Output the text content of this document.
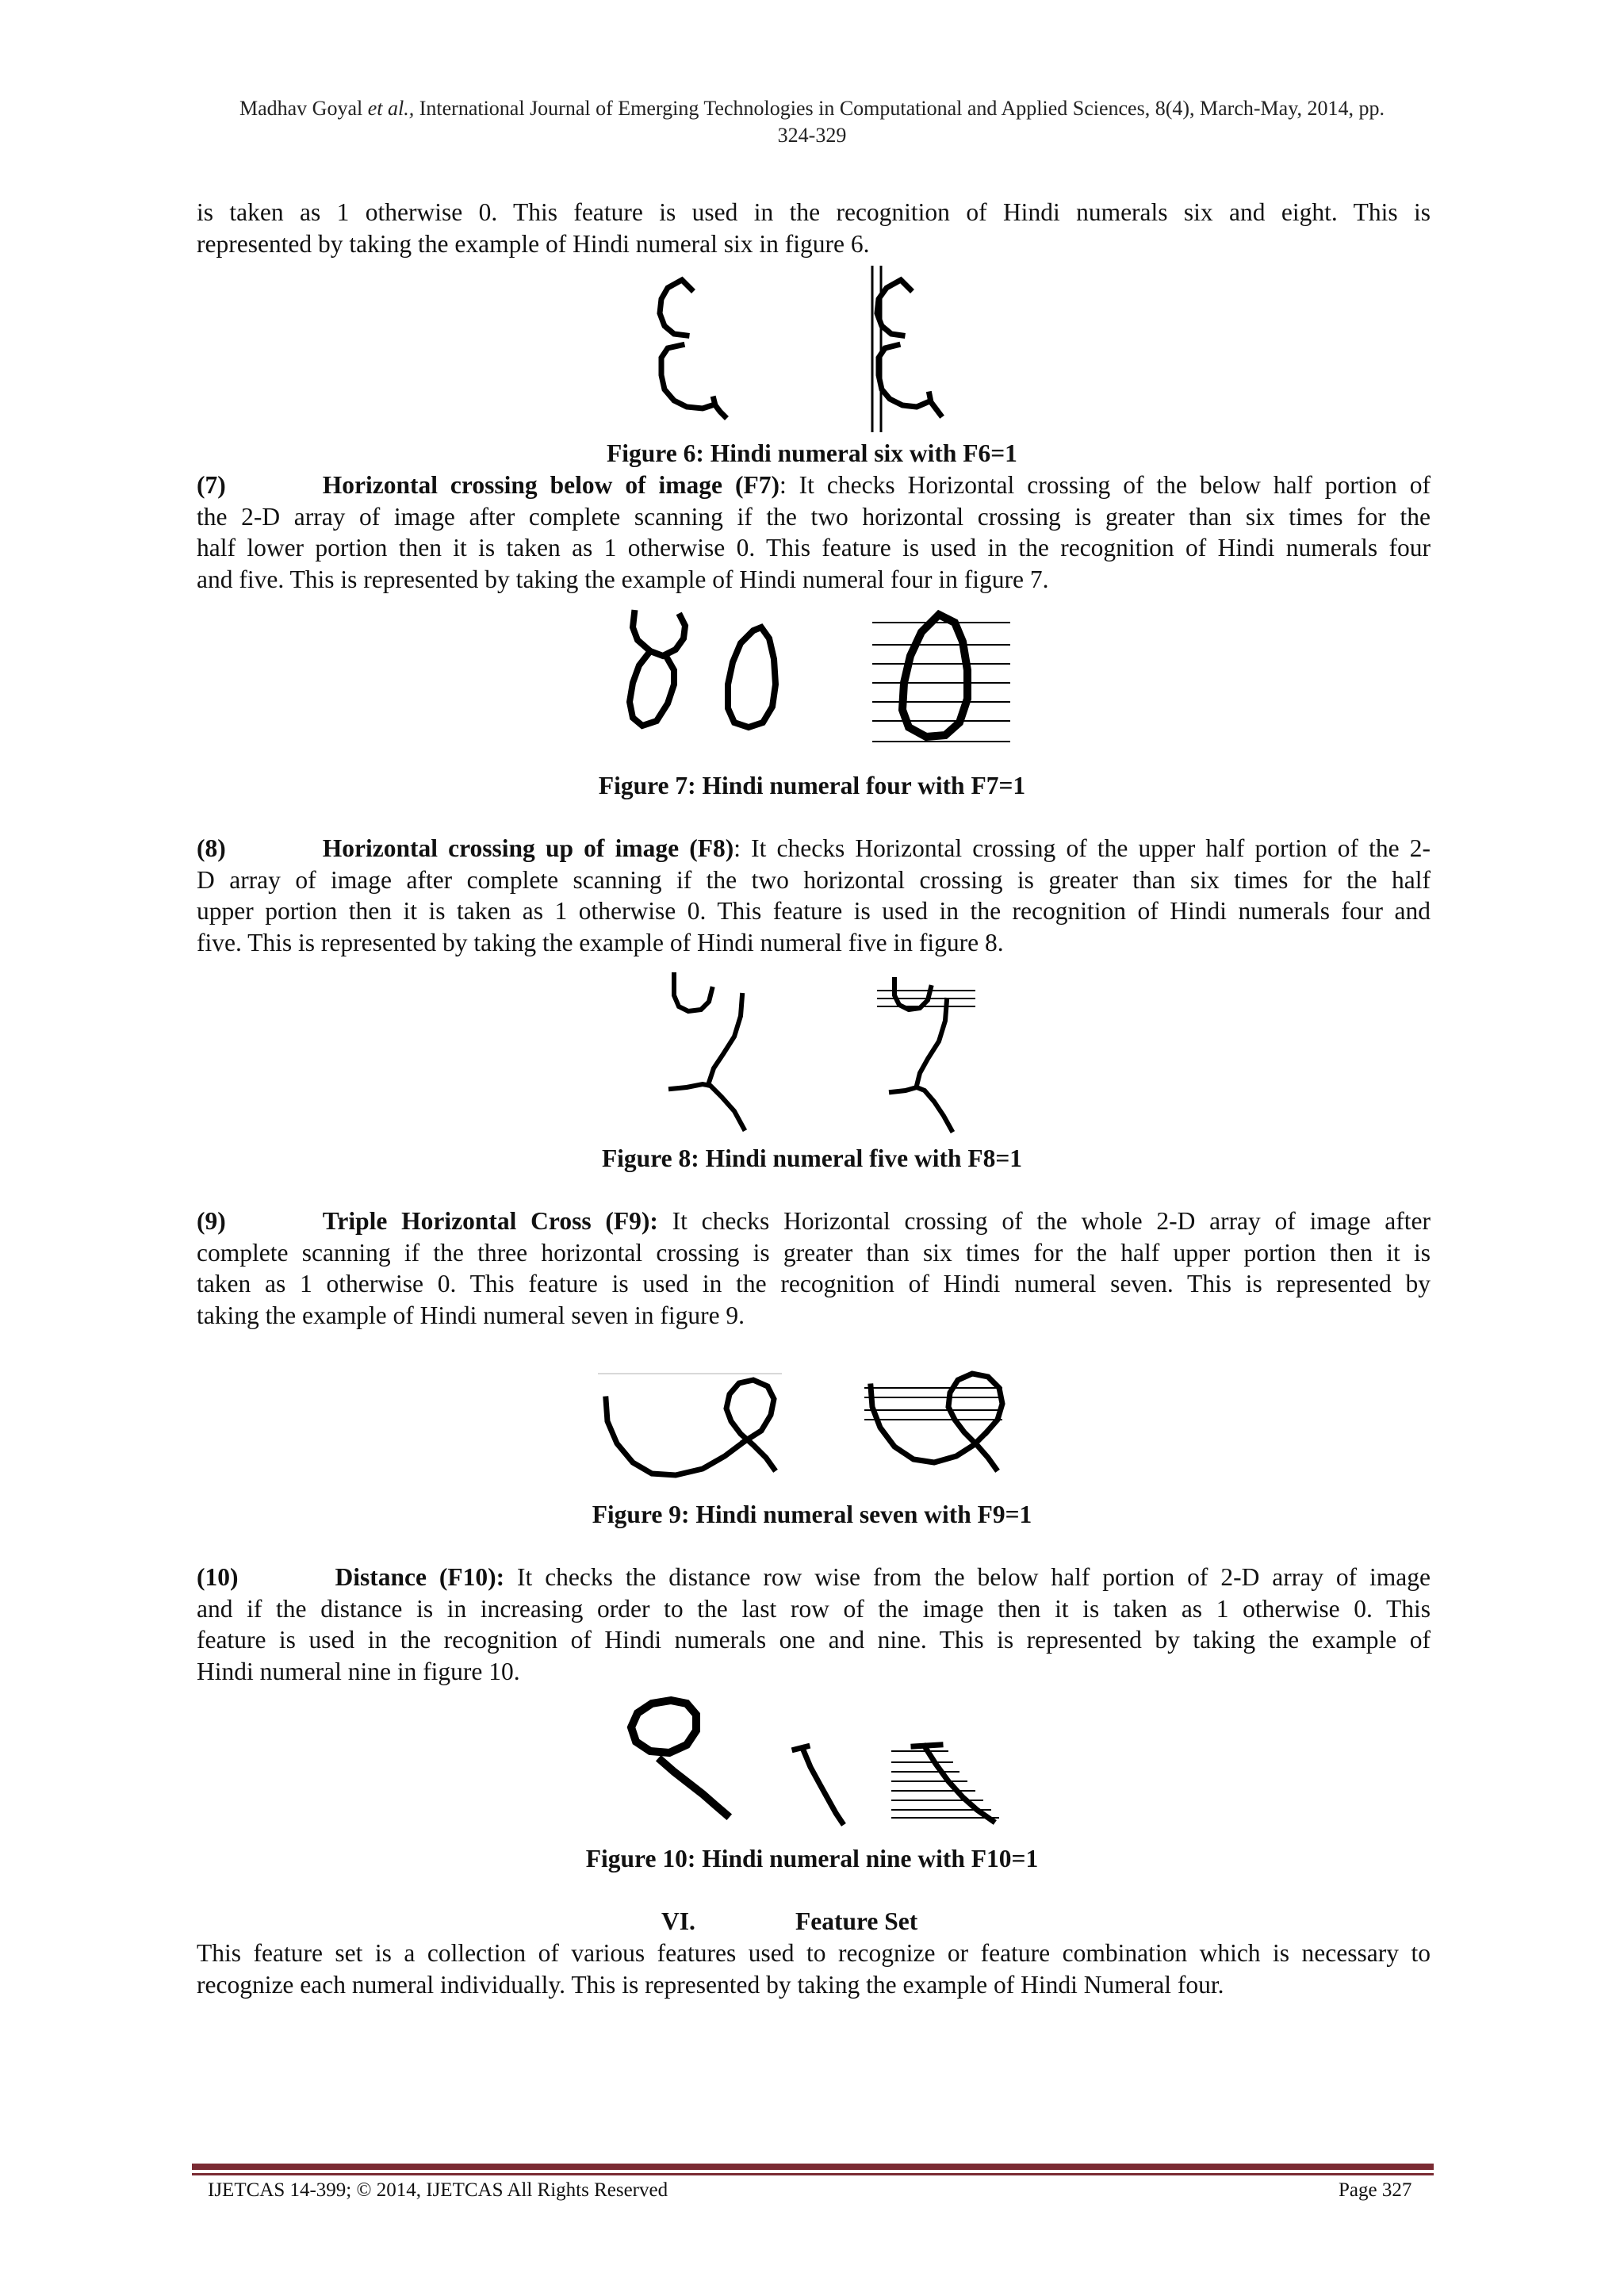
Madhav Goyal et al., International Journal of Emerging Technologies in Computational and Applied Sciences, 8(4), March-May, 2014, pp.
324-329
is taken as 1 otherwise 0. This feature is used in the recognition of Hindi numerals six and eight. This is
represented by taking the example of Hindi numeral six in figure 6.
Figure 6: Hindi numeral six with F6=1
(7)	Horizontal crossing below of image (F7): It checks Horizontal crossing of the below half portion of
the 2-D array of image after complete scanning if the two horizontal crossing is greater than six times for the
half lower portion then it is taken as 1 otherwise 0. This feature is used in the recognition of Hindi numerals four
and five. This is represented by taking the example of Hindi numeral four in figure 7.
Figure 7: Hindi numeral four with F7=1
(8)	Horizontal crossing up of image (F8): It checks Horizontal crossing of the upper half portion of the 2-
D array of image after complete scanning if the two horizontal crossing is greater than six times for the half
upper portion then it is taken as 1 otherwise 0. This feature is used in the recognition of Hindi numerals four and
five. This is represented by taking the example of Hindi numeral five in figure 8.
Figure 8: Hindi numeral five with F8=1
(9)	Triple Horizontal Cross (F9): It checks Horizontal crossing of the whole 2-D array of image after
complete scanning if the three horizontal crossing is greater than six times for the half upper portion then it is
taken as 1 otherwise 0. This feature is used in the recognition of Hindi numeral seven. This is represented by
taking the example of Hindi numeral seven in figure 9.
Figure 9: Hindi numeral seven with F9=1
(10)	Distance (F10): It checks the distance row wise from the below half portion of 2-D array of image
and if the distance is in increasing order to the last row of the image then it is taken as 1 otherwise 0. This
feature is used in the recognition of Hindi numerals one and nine. This is represented by taking the example of
Hindi numeral nine in figure 10.
Figure 10: Hindi numeral nine with F10=1
VI.	Feature Set
This feature set is a collection of various features used to recognize or feature combination which is necessary to
recognize each numeral individually. This is represented by taking the example of Hindi Numeral four.
IJETCAS 14-399; © 2014, IJETCAS All Rights Reserved	Page 327
